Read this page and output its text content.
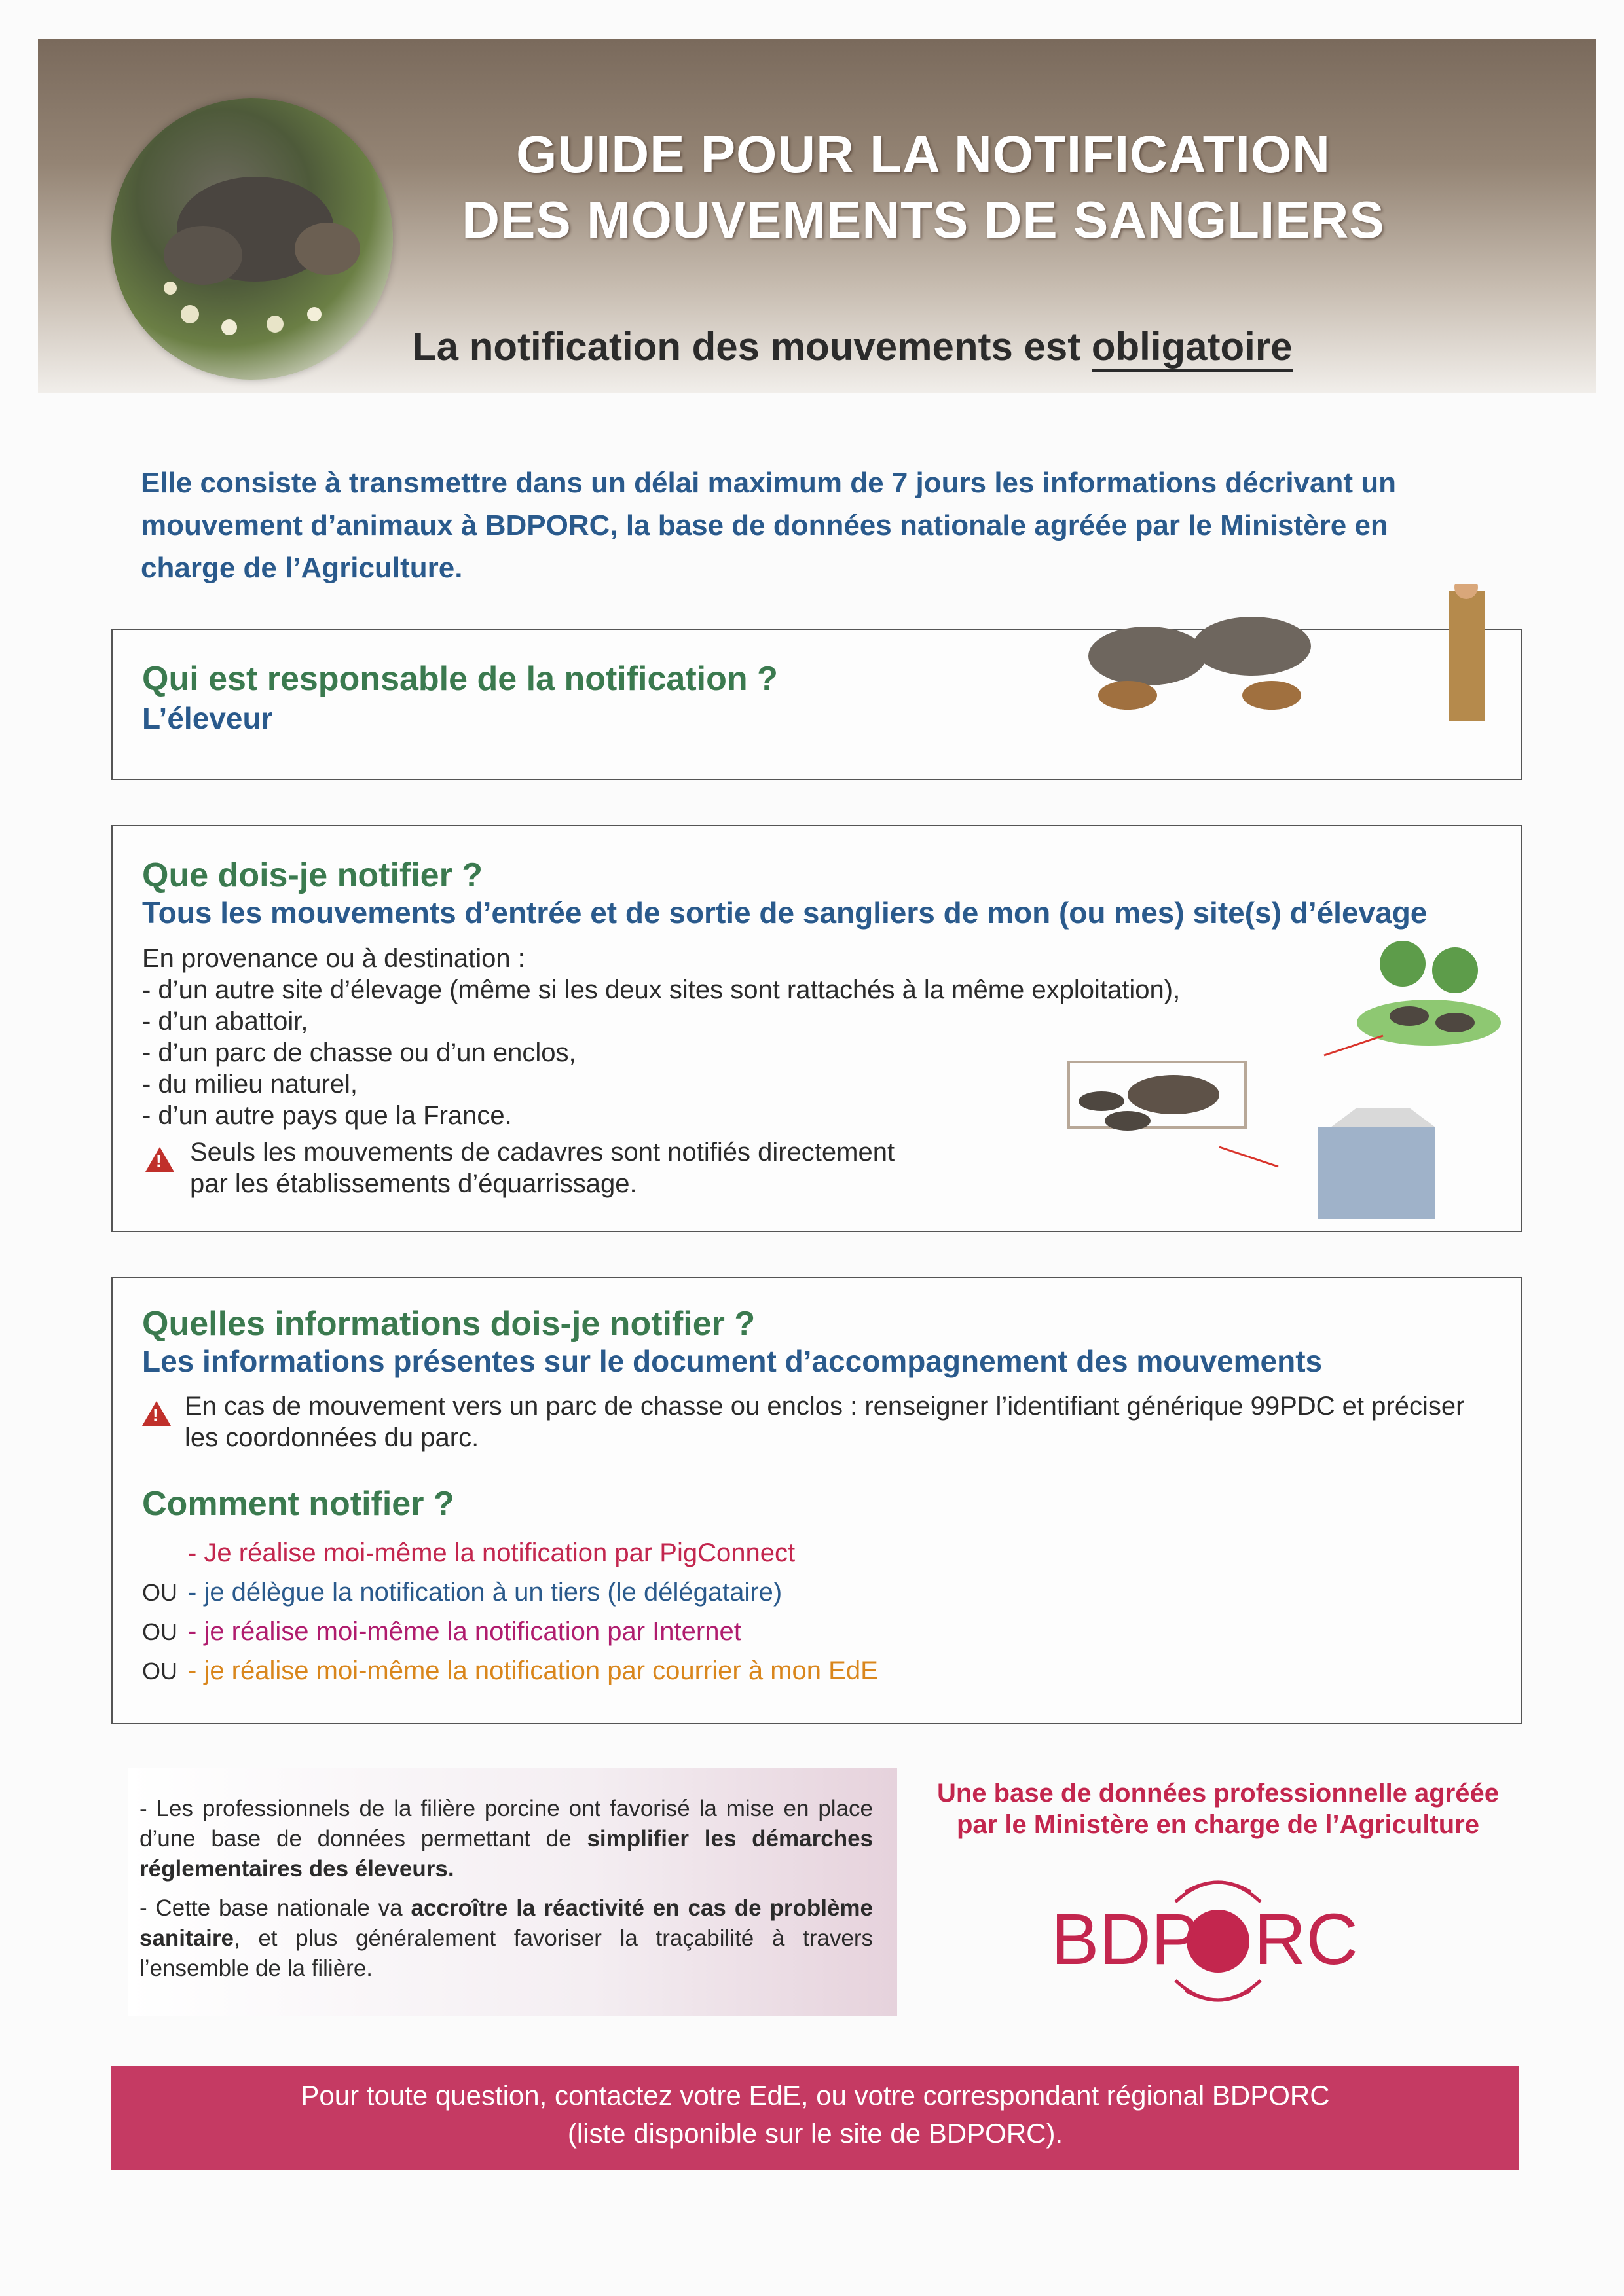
GUIDE POUR LA NOTIFICATION
DES MOUVEMENTS DE SANGLIERS
La notification des mouvements est obligatoire
Elle consiste à transmettre dans un délai maximum de 7 jours les informations décrivant un mouvement d’animaux à BDPORC, la base de données nationale agréée par le Ministère en charge de l’Agriculture.
Qui est responsable de la notification ?
L’éleveur
Que dois-je notifier ?
Tous les mouvements d’entrée et de sortie de sangliers de mon (ou mes) site(s) d’élevage
En provenance ou à destination :
- d’un autre site d’élevage (même si les deux sites sont rattachés à la même exploitation),
- d’un abattoir,
- d’un parc de chasse ou d’un enclos,
- du milieu naturel,
- d’un autre pays que la France.
!
Seuls les mouvements de cadavres sont notifiés directement
par les établissements d’équarrissage.
Quelles informations dois-je notifier ?
Les informations présentes sur le document d’accompagnement des mouvements
!
En cas de mouvement vers un parc de chasse ou enclos : renseigner l’identifiant générique 99PDC et préciser
les coordonnées du parc.
Comment notifier ?
- Je réalise moi-même la notification par PigConnect
OU - je délègue la notification à un tiers (le délégataire)
OU - je réalise moi-même la notification par Internet
OU - je réalise moi-même la notification par courrier à mon EdE
- Les professionnels de la filière porcine ont favorisé la mise en place d’une base de données permettant de simplifier les démarches réglementaires des éleveurs.
- Cette base nationale va accroître la réactivité en cas de problème sanitaire, et plus généralement favoriser la traçabilité à travers l’ensemble de la filière.
Une base de données professionnelle agréée
par le Ministère en charge de l’Agriculture
BDP RC
Pour toute question, contactez votre EdE, ou votre correspondant régional BDPORC
(liste disponible sur le site de BDPORC).
